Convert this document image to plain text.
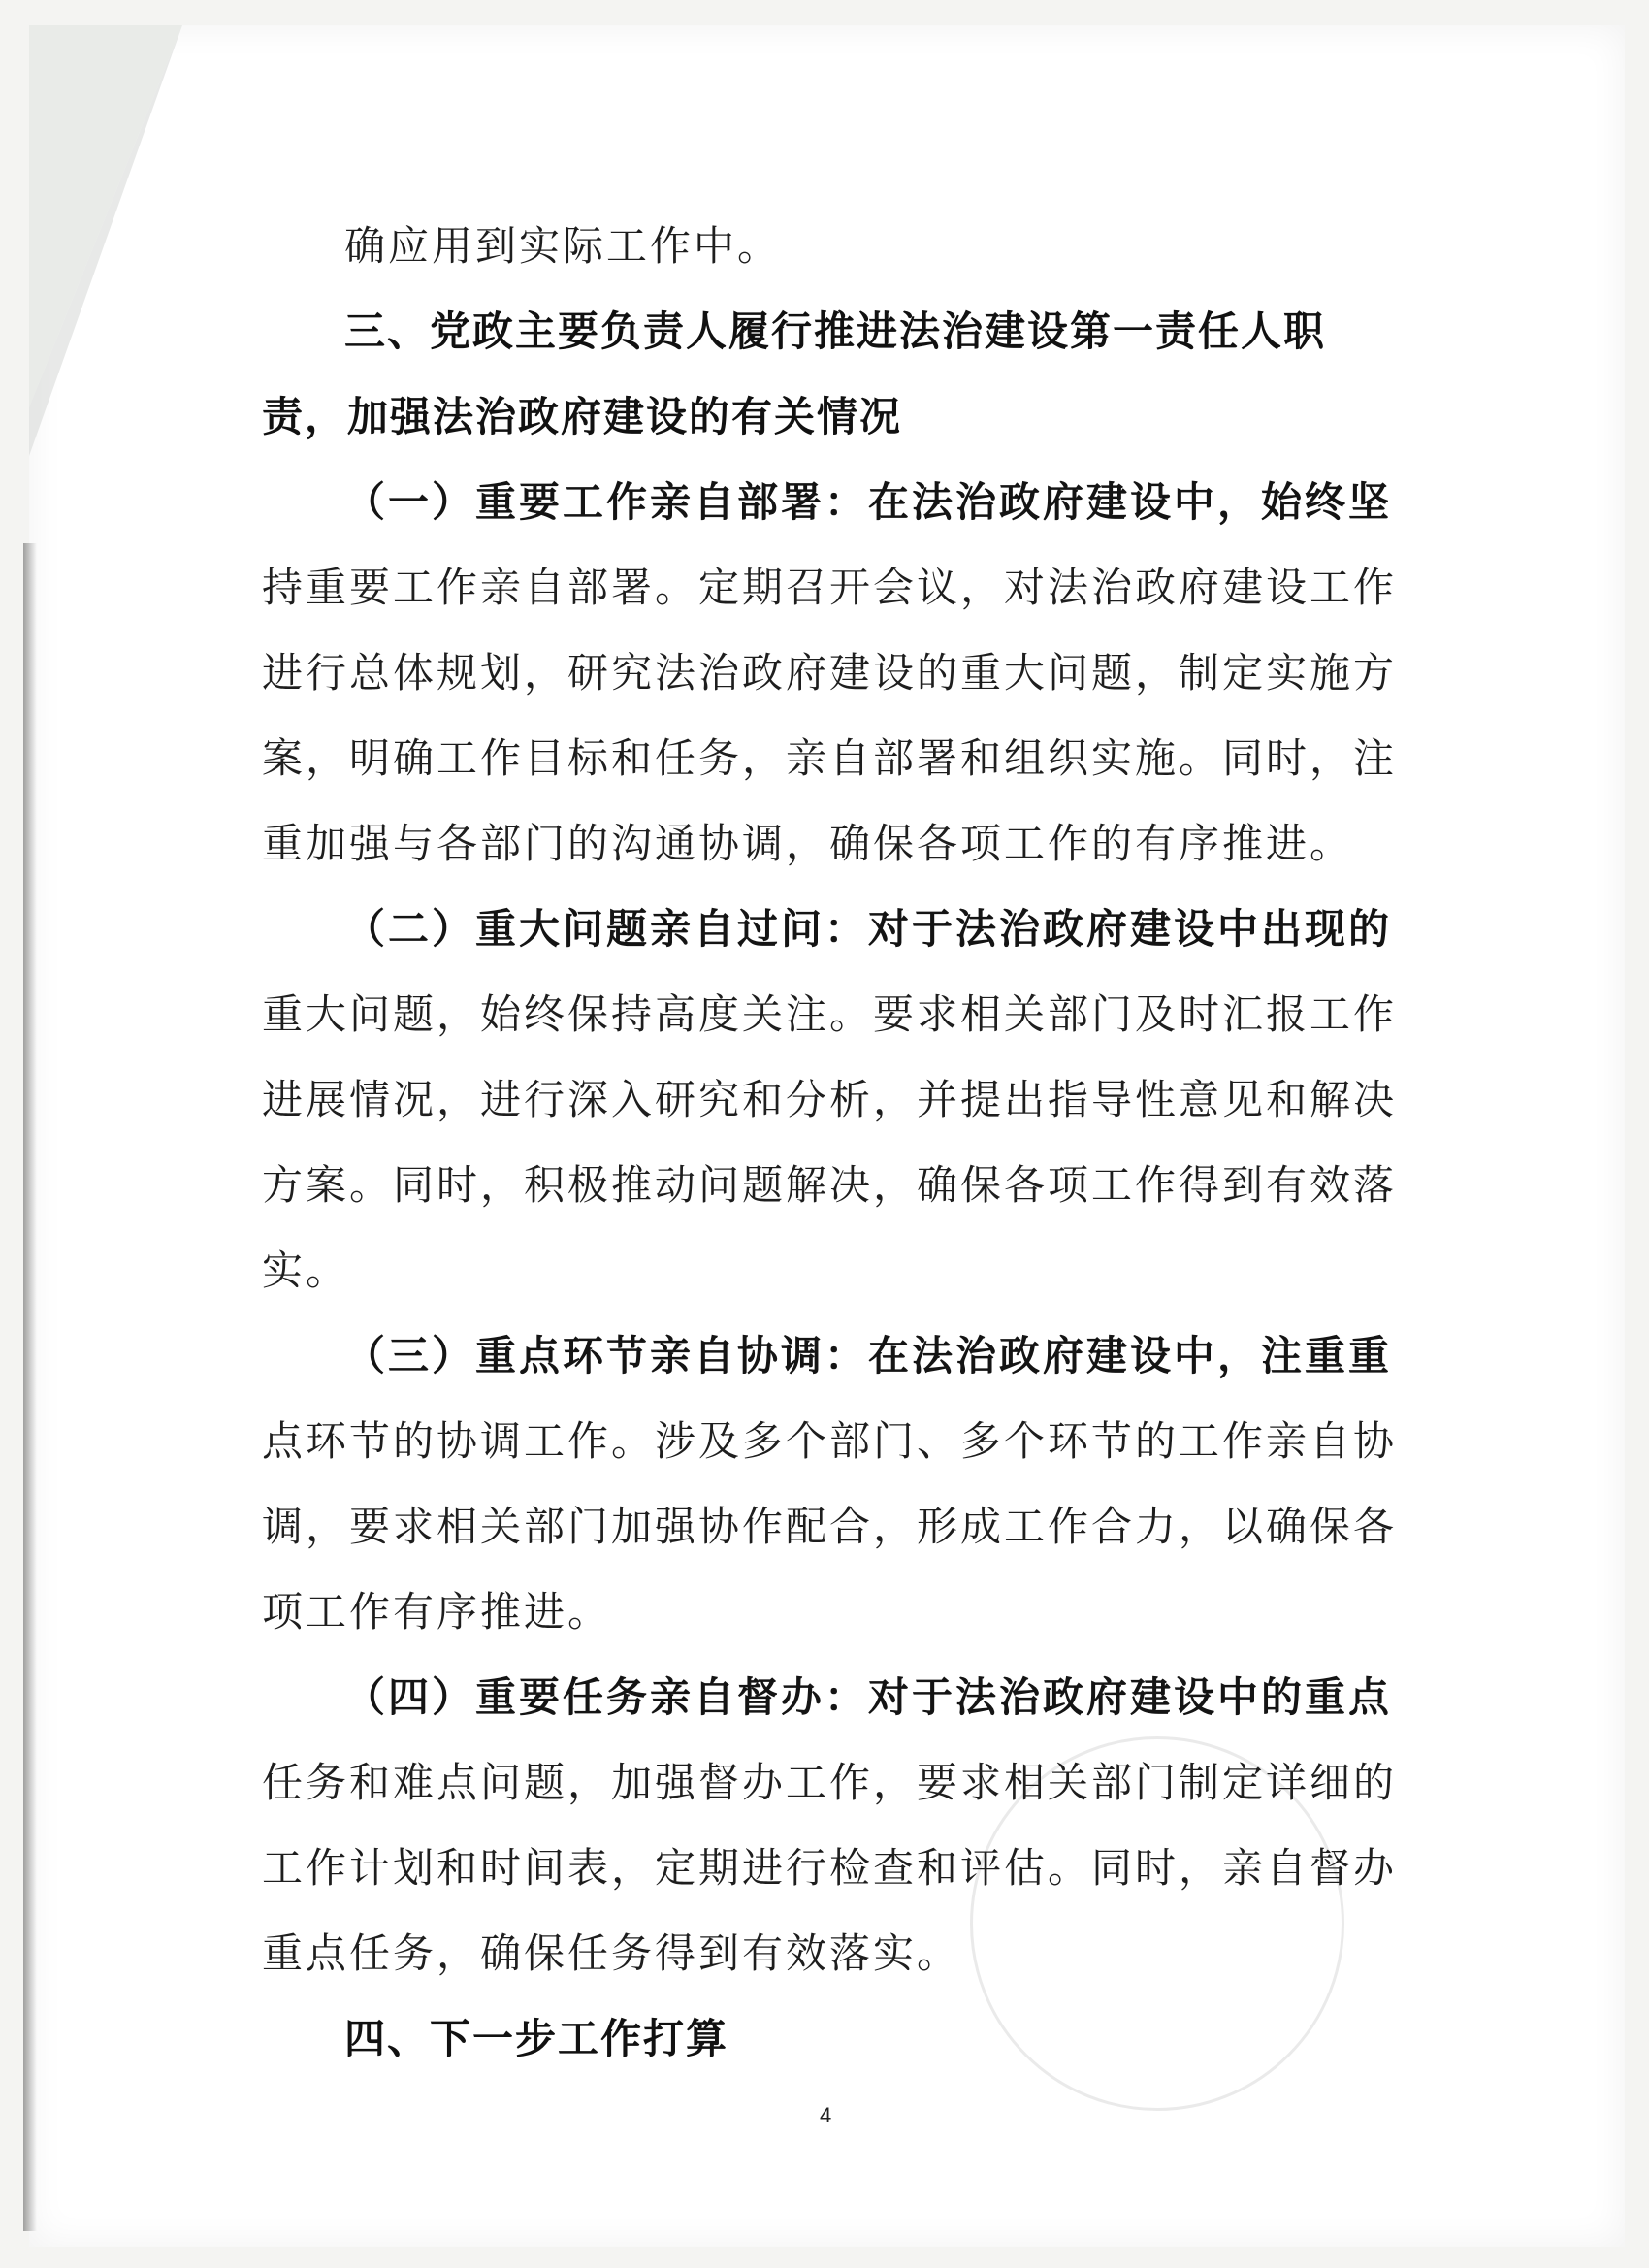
确应用到实际工作中。
三、党政主要负责人履行推进法治建设第一责任人职
责，加强法治政府建设的有关情况
（一）重要工作亲自部署：在法治政府建设中，始终坚
持重要工作亲自部署。定期召开会议，对法治政府建设工作
进行总体规划，研究法治政府建设的重大问题，制定实施方
案，明确工作目标和任务，亲自部署和组织实施。同时，注
重加强与各部门的沟通协调，确保各项工作的有序推进。
（二）重大问题亲自过问：对于法治政府建设中出现的
重大问题，始终保持高度关注。要求相关部门及时汇报工作
进展情况，进行深入研究和分析，并提出指导性意见和解决
方案。同时，积极推动问题解决，确保各项工作得到有效落
实。
（三）重点环节亲自协调：在法治政府建设中，注重重
点环节的协调工作。涉及多个部门、多个环节的工作亲自协
调，要求相关部门加强协作配合，形成工作合力，以确保各
项工作有序推进。
（四）重要任务亲自督办：对于法治政府建设中的重点
任务和难点问题，加强督办工作，要求相关部门制定详细的
工作计划和时间表，定期进行检查和评估。同时，亲自督办
重点任务，确保任务得到有效落实。
四、下一步工作打算
4
